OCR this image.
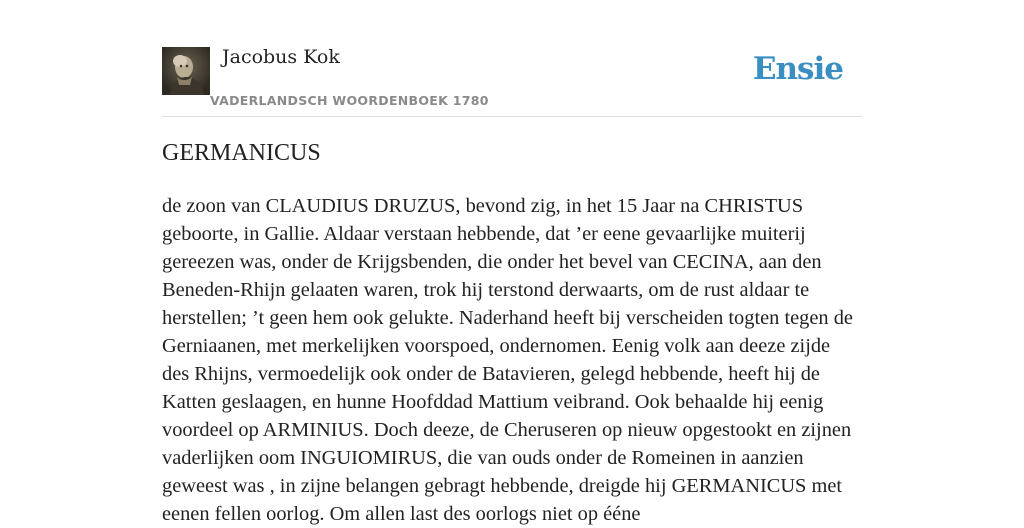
Jacobus Kok
VADERLANDSCH WOORDENBOEK 1780
Ensie
GERMANICUS

de zoon van CLAUDIUS DRUZUS, bevond zig, in het 15 Jaar na CHRISTUS geboorte, in Gallie. Aldaar verstaan hebbende, dat ’er eene gevaarlijke muiterij gereezen was, onder de Krijgsbenden, die onder het bevel van CECINA, aan den Beneden-Rhijn gelaaten waren, trok hij terstond derwaarts, om de rust aldaar te herstellen; ’t geen hem ook gelukte. Naderhand heeft bij verscheiden togten tegen de Gerniaanen, met merkelijken voorspoed, ondernomen. Eenig volk aan deeze zijde des Rhijns, vermoedelijk ook onder de Batavieren, gelegd hebbende, heeft hij de Katten geslaagen, en hunne Hoofddad Mattium veibrand. Ook behaalde hij eenig voordeel op ARMINIUS. Doch deeze, de Cheruseren op nieuw opgestookt en zijnen vaderlijken oom INGUIOMIRUS, die van ouds onder de Romeinen in aanzien geweest was , in zijne belangen gebragt hebbende, dreigde hij GERMANICUS met eenen fellen oorlog. Om allen last des oorlogs niet op ééne
